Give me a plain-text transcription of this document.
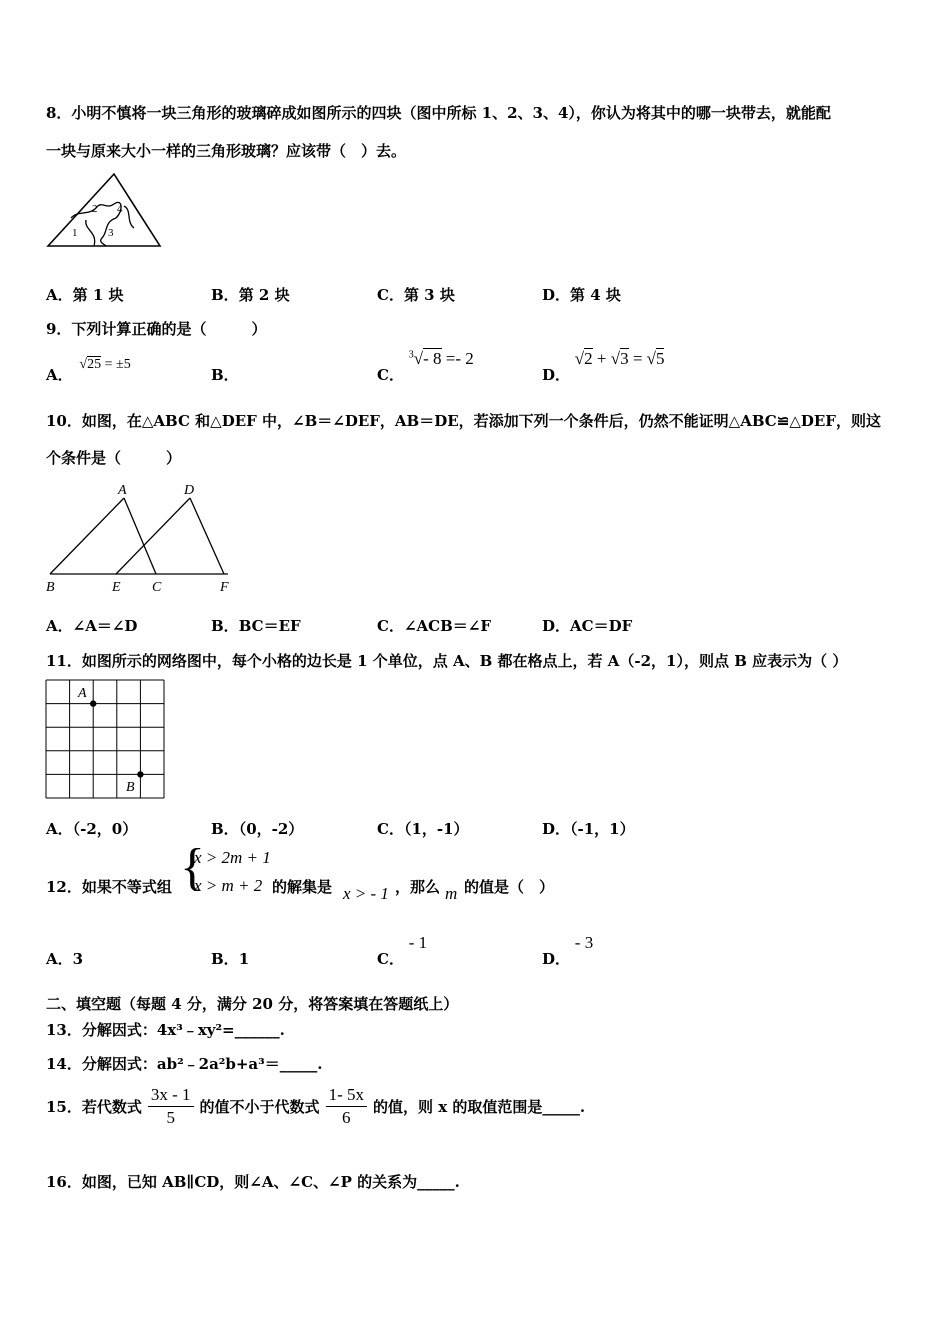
8．小明不慎将一块三角形的玻璃碎成如图所示的四块（图中所标 1、2、3、4），你认为将其中的哪一块带去，就能配
一块与原来大小一样的三角形玻璃？应该带（　）去。
1
2
3
4
A．第 1 块	B．第 2 块	C．第 3 块	D．第 4 块
9．下列计算正确的是（　　　）
A． √25 = ±5
B．	C． $^3$√- 8 =- 2
D． √2 + √3 = √5
10．如图，在△ABC 和△DEF 中，∠B＝∠DEF，AB＝DE，若添加下列一个条件后，仍然不能证明△ABC≌△DEF，则这
个条件是（　　　）
A	D
B	E C	F
A．∠A＝∠D	B．BC＝EF	C．∠ACB＝∠F	D．AC＝DF
11．如图所示的网络图中，每个小格的边长是 1 个单位，点 A、B 都在格点上，若 A（-2，1），则点 B 应表示为（ ）
A
B
A．（-2，0）	B．（0，-2）	C．（1，-1）	D．（-1，1）
12．如果不等式组 {
x > 2m + 1
x > m + 2 的解集是 x > - 1 ，那么 m 的值是（　）
A．3	B．1	C． - 1
D． - 3
二、填空题（每题 4 分，满分 20 分，将答案填在答题纸上）
13．分解因式：4x³﹣xy²=______.
14．分解因式：ab²﹣2a²b+a³＝_____.
15．若代数式 $\frac{3x - 1}{5}$ 的值不小于代数式 $\frac{1- 5x}{6}$ 的值，则 x 的取值范围是_____.
16．如图，已知 AB∥CD，则∠A、∠C、∠P 的关系为_____.
